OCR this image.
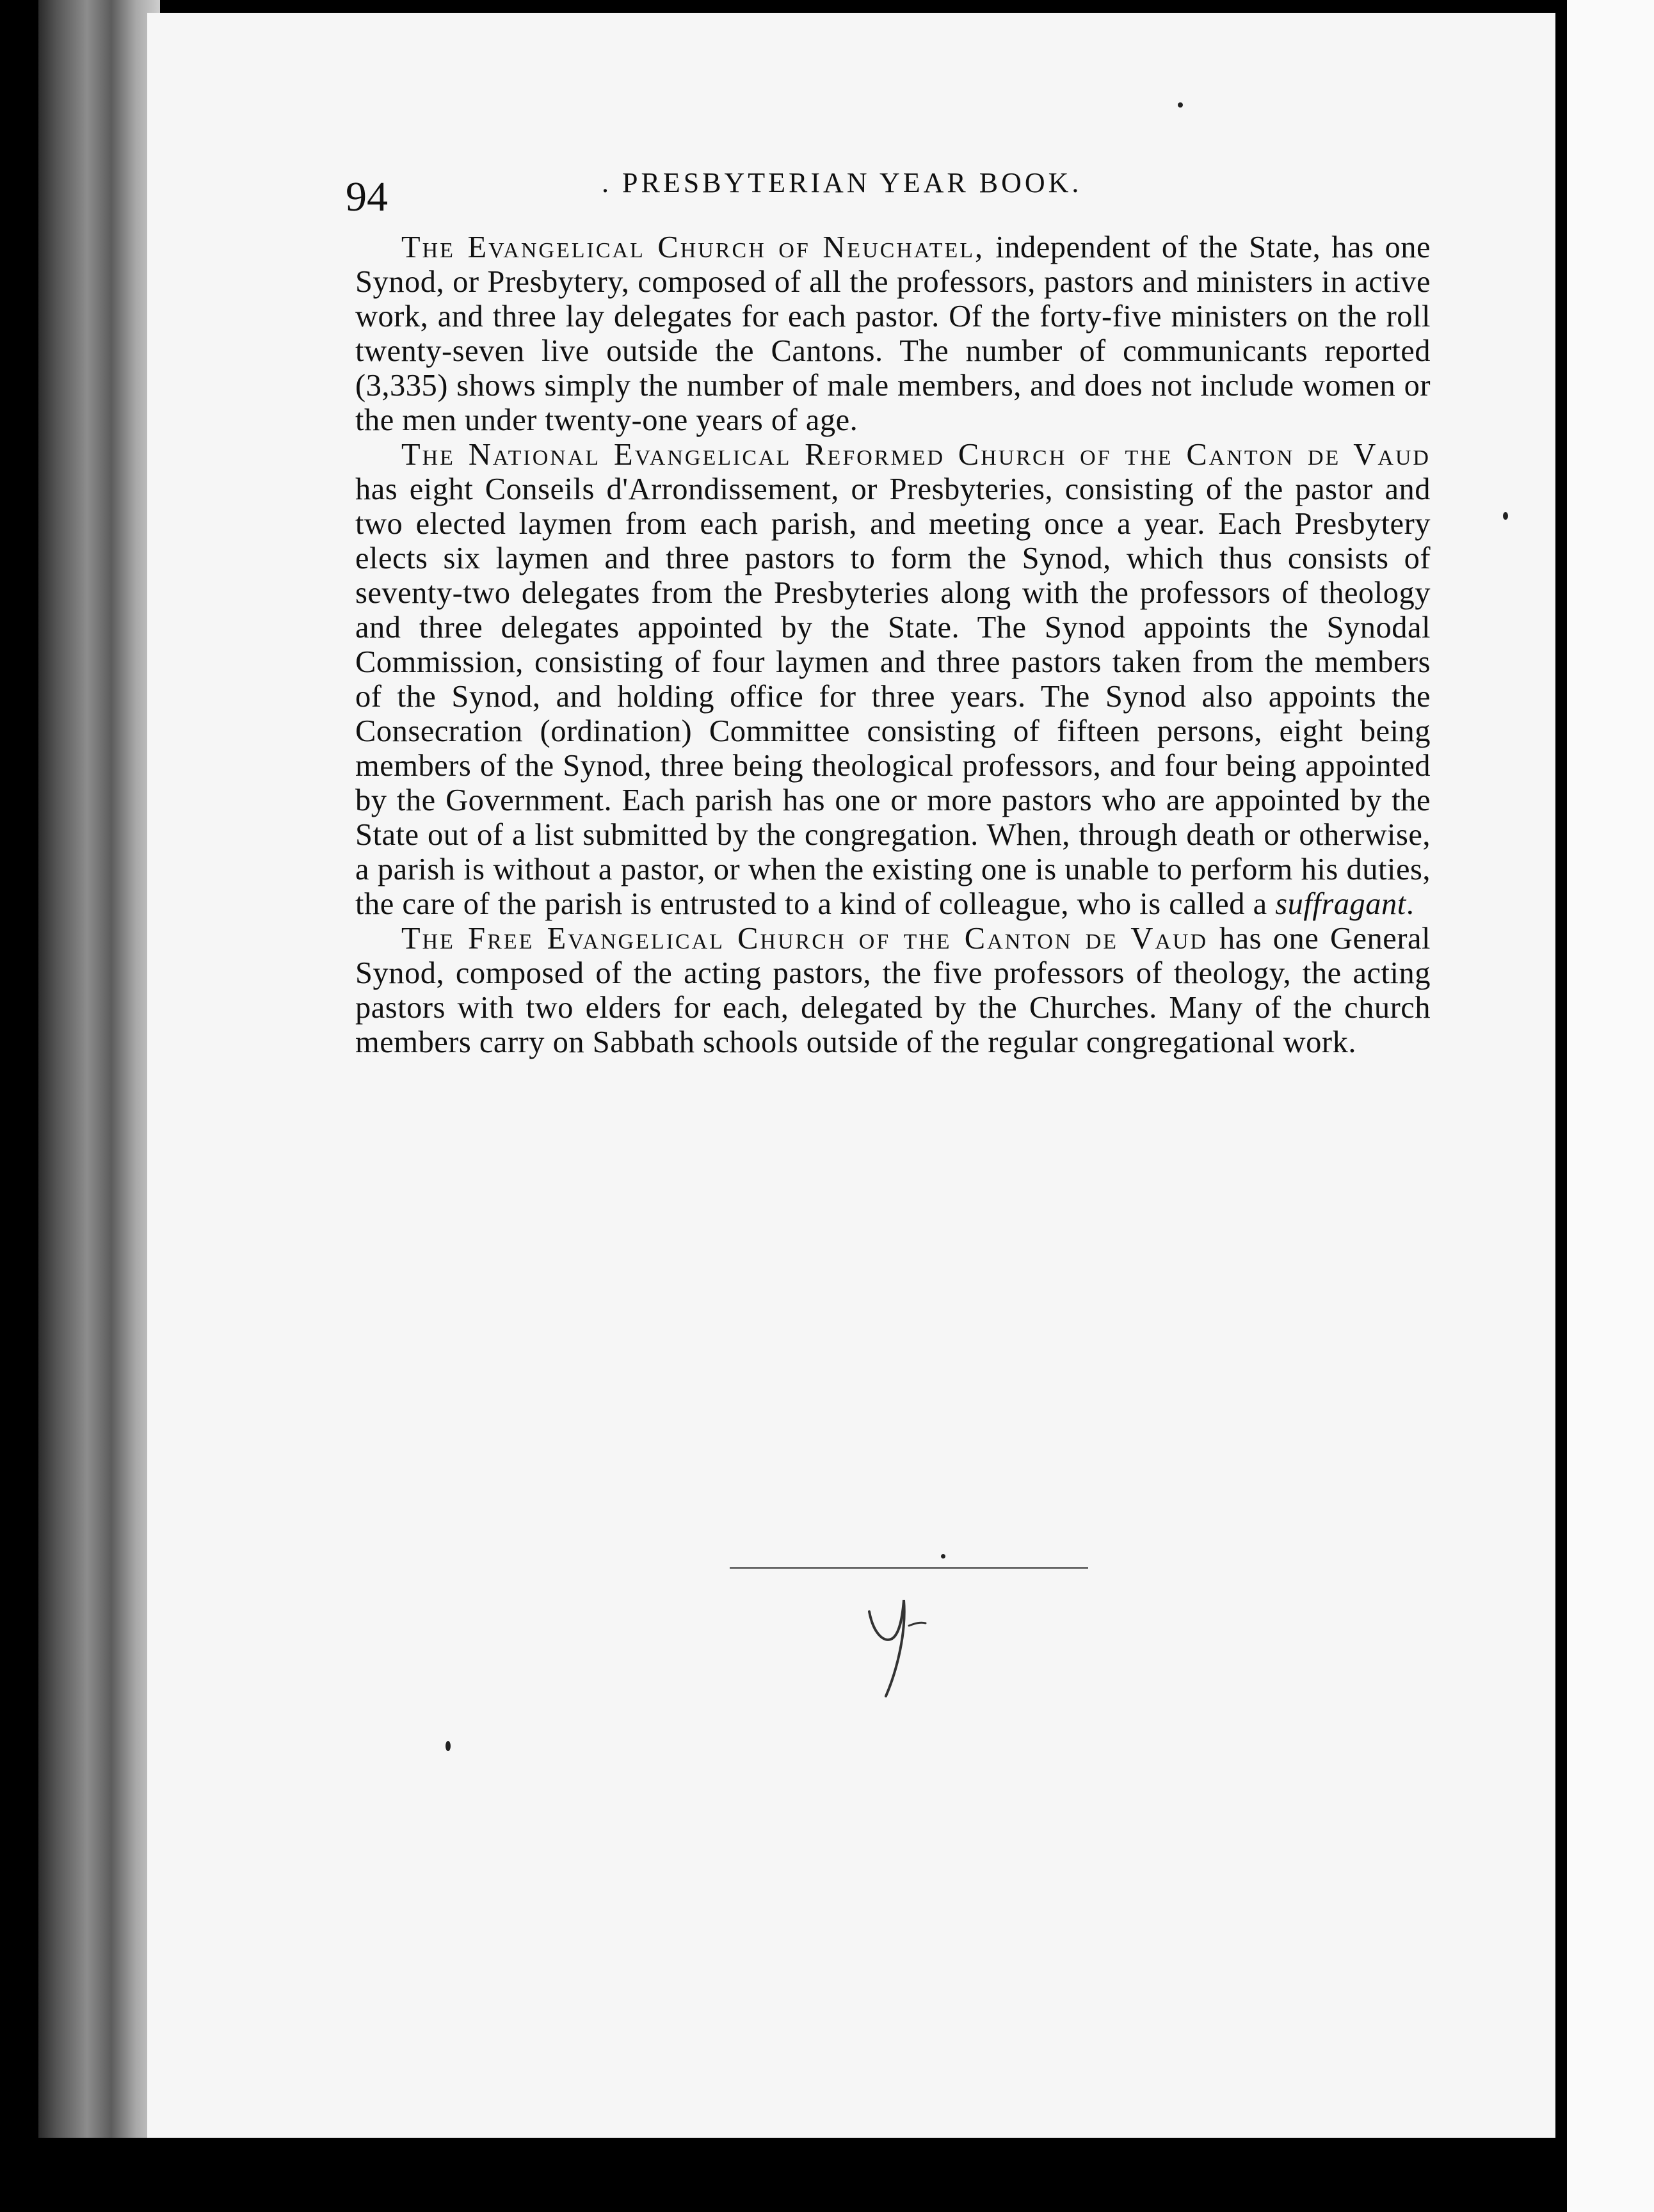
94	. PRESBYTERIAN YEAR BOOK.

The Evangelical Church of Neuchatel, independent of the State, has one Synod, or Presbytery, composed of all the professors, pastors and ministers in active work, and three lay delegates for each pastor. Of the forty-five ministers on the roll twenty-seven live outside the Cantons. The number of communicants reported (3,335) shows simply the number of male members, and does not include women or the men under twenty-one years of age.

The National Evangelical Reformed Church of the Canton de Vaud has eight Conseils d'Arrondissement, or Presbyteries, consisting of the pastor and two elected laymen from each parish, and meeting once a year. Each Presbytery elects six laymen and three pastors to form the Synod, which thus consists of seventy-two delegates from the Presbyteries along with the professors of theology and three delegates appointed by the State. The Synod appoints the Synodal Commission, consisting of four laymen and three pastors taken from the members of the Synod, and holding office for three years. The Synod also appoints the Consecration (ordination) Committee consisting of fifteen persons, eight being members of the Synod, three being theological professors, and four being appointed by the Government. Each parish has one or more pastors who are appointed by the State out of a list submitted by the congregation. When, through death or otherwise, a parish is without a pastor, or when the existing one is unable to perform his duties, the care of the parish is entrusted to a kind of colleague, who is called a suffragant.

The Free Evangelical Church of the Canton de Vaud has one General Synod, composed of the acting pastors, the five professors of theology, the acting pastors with two elders for each, delegated by the Churches. Many of the church members carry on Sabbath schools outside of the regular congregational work.
